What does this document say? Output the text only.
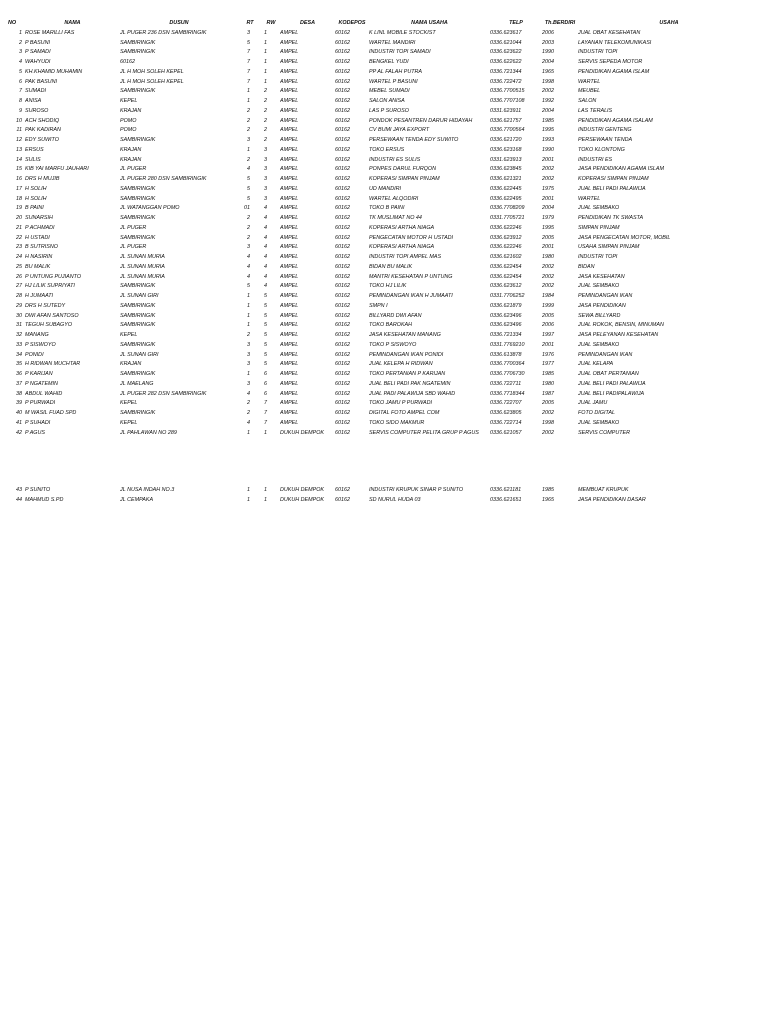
NO	NAMA	DUSUN	RT	RW	DESA	KODEPOS	NAMA USAHA	TELP	Th.BERDIRI	USAHA
1	ROSE MARILLI FAS	JL PUGER 236 DSN SAMBIRINGIK	3	1	AMPEL	60162	K LINL MOBILE STOCKIST	0336.623617	2006	JUAL OBAT KESEHATAN
2	P BASUNI	SAMBIRINGIK	5	1	AMPEL	60162	WARTEL MANDIRI	0336.621044	2003	LAYANAN TELEKOMUNIKASI
3	P SAMADI	SAMBIRINGIK	7	1	AMPEL	60162	INDUSTRI TOPI SAMADI	0336.623622	1990	INDUSTRI TOPI
4	WAHYUDI	60162	7	1	AMPEL	60162	BENGKEL YUDI	0336.622622	2004	SERVIS SEPEDA MOTOR
5	KH.KHAMID MUHAMIN	JL H MOH SOLEH KEPEL	7	1	AMPEL	60162	PP AL FALAH PUTRA	0336.721344	1965	PENDIDIKAN AGAMA ISLAM
6	PAK BASUNI	JL H MOH SOLEH KEPEL	7	1	AMPEL	60162	WARTEL P BASUNI	0336.722472	1998	WARTEL
7	SUMADI	SAMBIRINGIK	1	2	AMPEL	60162	MEBEL SUMADI	0336.7700515	2002	MEUBEL
8	ANISA	KEPEL	1	2	AMPEL	60162	SALON ANISA	0336.7707108	1992	SALON
9	SUROSO	KRAJAN	2	2	AMPEL	60162	LAS P SUROSO	0331.623911	2004	LAS TERALIS
10	ACH SHODIQ	POMO	2	2	AMPEL	60162	PONDOK PESANTREN DARUR HIDAYAH	0336.621757	1985	PENDIDIKAN AGAMA ISALAM
11	PAK KADIRAN	POMO	2	2	AMPEL	60162	CV BUMI JAYA EXPORT	0336.7700564	1995	INDUSTRI GENTENG
12	EDY SUWITO	SAMBIRINGIK	3	2	AMPEL	60162	PERSEWAAN TENDA EDY SUWITO	0336.621720	1993	PERSEWAAN TENDA
13	ERSUS	KRAJAN	1	3	AMPEL	60162	TOKO ERSUS	0336.623168	1990	TOKO KLONTONG
14	SULIS	KRAJAN	2	3	AMPEL	60162	INDUSTRI ES SULIS	0331.623913	2001	INDUSTRI ES
15	KIB YAI MARFU JAUHARI	JL PUGER	4	3	AMPEL	60162	PONPES DARUL FURQON	0336.623845	2002	JASA PENDIDIKAN AGAMA ISLAM
16	DRS H MUJIB	JL PUGER 280 DSN SAMBIRINGIK	5	3	AMPEL	60162	KOPERASI SIMPAN PINJAM	0336.621321	2002	KOPERASI SIMPAN PINJAM
17	H SOLIH	SAMBIRINGIK	5	3	AMPEL	60162	UD MANDIRI	0336.622445	1975	JUAL BELI PADI PALAWIJA
18	H SOLIH	SAMBIRINGIK	5	3	AMPEL	60162	WARTEL ALQODIRI	0336.622495	2001	WARTEL
19	B PAINI	JL WATANGGAN POMO	01	4	AMPEL	60162	TOKO B PAINI	0336.7708209	2004	JUAL SEMBAKO
20	SUNARSIH	SAMBIRINGIK	2	4	AMPEL	60162	TK MUSLIMAT NO 44	0331.7705721	1979	PENDIDIKAN TK SWASTA
21	P ACHMADI	JL PUGER	2	4	AMPEL	60162	KOPERASI ARTHA NIAGA	0336.622246	1995	SIMPAN PINJAM
22	H USTADI	SAMBIRINGIK	2	4	AMPEL	60162	PENGECATAN MOTOR H USTADI	0336.623912	2005	JASA PENGECATAN MOTOR, MOBIL
23	B SUTRISNO	JL PUGER	3	4	AMPEL	60162	KOPERASI ARTHA NIAGA	0336.622246	2001	USAHA SIMPAN PINJAM
24	H NASIRIN	JL SUNAN MURIA	4	4	AMPEL	60162	INDUSTRI TOPI AMPEL MAS	0336.621602	1980	INDUSTRI TOPI
25	BU MALIK	JL SUNAN MURIA	4	4	AMPEL	60162	BIDAN BU MALIK	0336.622454	2002	BIDAN
26	P UNTUNG PUJIANTO	JL SUNAN MURIA	4	4	AMPEL	60162	MANTRI KESEHATAN P UNTUNG	0336.622454	2002	JASA KESEHATAN
27	HJ LILIK SUPRIYATI	SAMBIRINGIK	5	4	AMPEL	60162	TOKO HJ LILIK	0336.623612	2002	JUAL SEMBAKO
28	H JUMAATI	JL SUNAN GIRI	1	5	AMPEL	60162	PEMINDANGAN IKAN H JUMAATI	0331.7706252	1984	PEMINDANGAN IKAN
29	DRS H SUTEDY	SAMBIRINGIK	1	5	AMPEL	60162	SMPN I	0336.621879	1999	JASA PENDIDIKAN
30	DWI AFAN SANTOSO	SAMBIRINGIK	1	5	AMPEL	60162	BILLYARD DWI AFAN	0336.623496	2005	SEWA BILLYARD
31	TEGUH SUBAGYO	SAMBIRINGIK	1	5	AMPEL	60162	TOKO BAROKAH	0336.623496	2006	JUAL ROKOK, BENSIN, MINUMAN
32	MANANG	KEPEL	2	5	AMPEL	60162	JASA KESEHATAN MANANG	0336.721334	1997	JASA PELEYANAN KESEHATAN
33	P SISWOYO	SAMBIRINGIK	3	5	AMPEL	60162	TOKO P SISWOYO	0331.7769210	2001	JUAL SEMBAKO
34	PONIDI	JL SUNAN GIRI	3	5	AMPEL	60162	PEMINDANGAN IKAN PONIDI	0336.613878	1976	PEMINDANGAN IKAN
35	H RIDWAN MUCHTAR	KRAJAN	3	5	AMPEL	60162	JUAL KELEPA H RIDWAN	0336.7700364	1977	JUAL KELAPA
36	P KARIJAN	SAMBIRINGIK	1	6	AMPEL	60162	TOKO PERTANIAN P KARIJAN	0336.7706730	1985	JUAL OBAT PERTANIAN
37	P NGATEMIN	JL MAELANG	3	6	AMPEL	60162	JUAL BELI PADI PAK NGATEMIN	0336.722711	1980	JUAL BELI PADI PALAWIJA
38	ABDUL WAHID	JL PUGER 282 DSN SAMBIRINGIK	4	6	AMPEL	60162	JUAL PADI PALAWIJA SBD WAHID	0336.7718344	1987	JUAL BELI PADIPALAWIJA
39	P PURWADI	KEPEL	2	7	AMPEL	60162	TOKO JAMU P PURWADI	0336.722707	2005	JUAL JAMU
40	M WASIL FUAD SPD	SAMBIRINGIK	2	7	AMPEL	60162	DIGITAL FOTO AMPEL COM	0336.623805	2002	FOTO DIGITAL
41	P SUHADI	KEPEL	4	7	AMPEL	60162	TOKO SIDO MAKMUR	0336.722714	1998	JUAL SEMBAKO
42	P AGUS	JL PAHLAWAN NO 289	1	1	DUKUH DEMPOK	60162	SERVIS COMPUTER PELITA GRUP P AGUS	0336.621057	2002	SERVIS COMPUTER
43	P SUNITO	JL NUSA INDAH NO.3	1	1	DUKUH DEMPOK	60162	INDUSTRI KRUPUK SINAR P SUNITO	0336.621181	1985	MEMBUAT KRUPUK
44	MAHMUD S.PD	JL CEMPAKA	1	1	DUKUH DEMPOK	60162	SD NURUL HUDA 03	0336.621651	1965	JASA PENDIDIKAN DASAR
